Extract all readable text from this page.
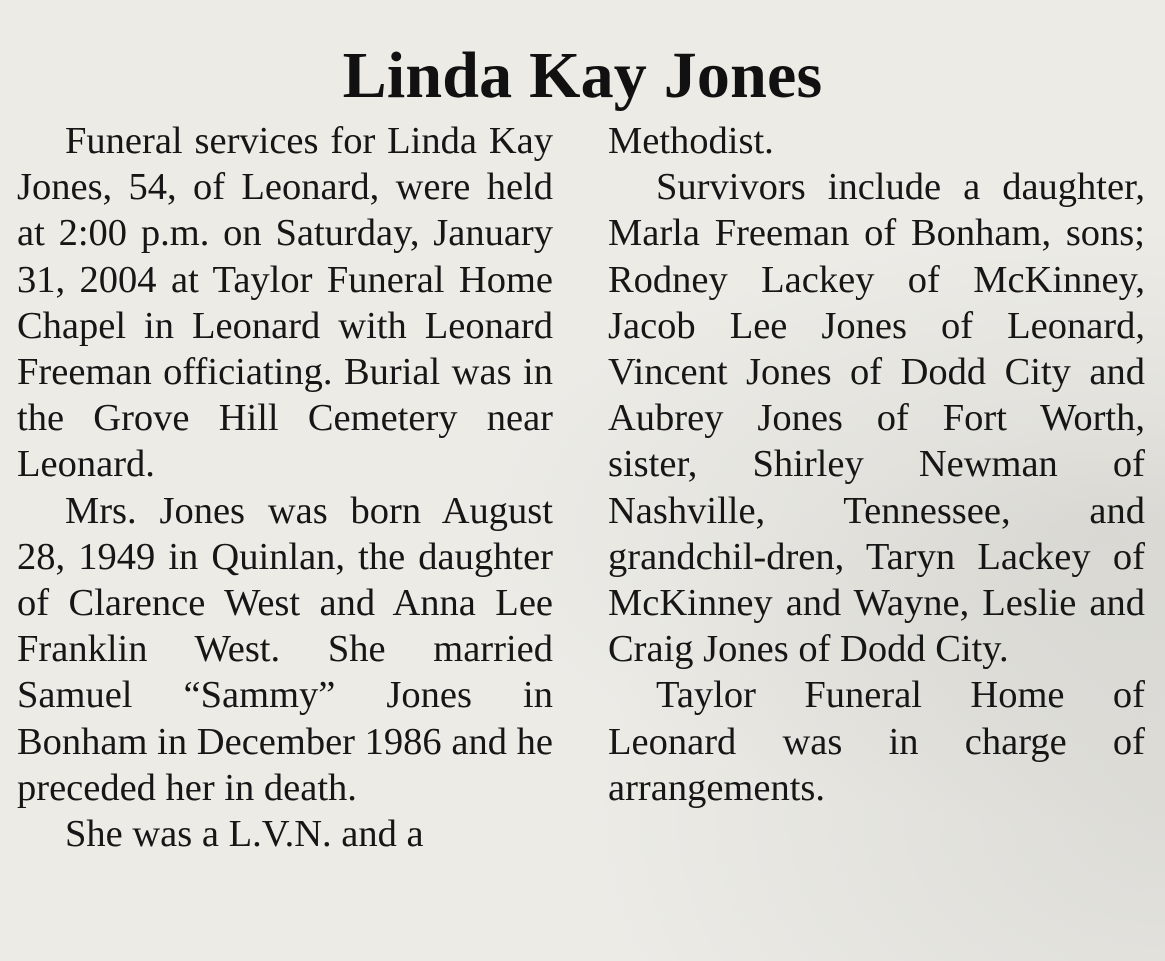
Linda Kay Jones

Funeral services for Linda Kay Jones, 54, of Leonard, were held at 2:00 p.m. on Saturday, January 31, 2004 at Taylor Funeral Home Chapel in Leonard with Leonard Freeman officiating. Burial was in the Grove Hill Cemetery near Leonard.

Mrs. Jones was born August 28, 1949 in Quinlan, the daughter of Clarence West and Anna Lee Franklin West. She married Samuel “Sammy” Jones in Bonham in December 1986 and he preceded her in death.

She was a L.V.N. and a

Methodist.

Survivors include a daughter, Marla Freeman of Bonham, sons; Rodney Lackey of McKinney, Jacob Lee Jones of Leonard, Vincent Jones of Dodd City and Aubrey Jones of Fort Worth, sister, Shirley Newman of Nashville, Tennessee, and grandchil-dren, Taryn Lackey of McKinney and Wayne, Leslie and Craig Jones of Dodd City.

Taylor Funeral Home of Leonard was in charge of arrangements.
